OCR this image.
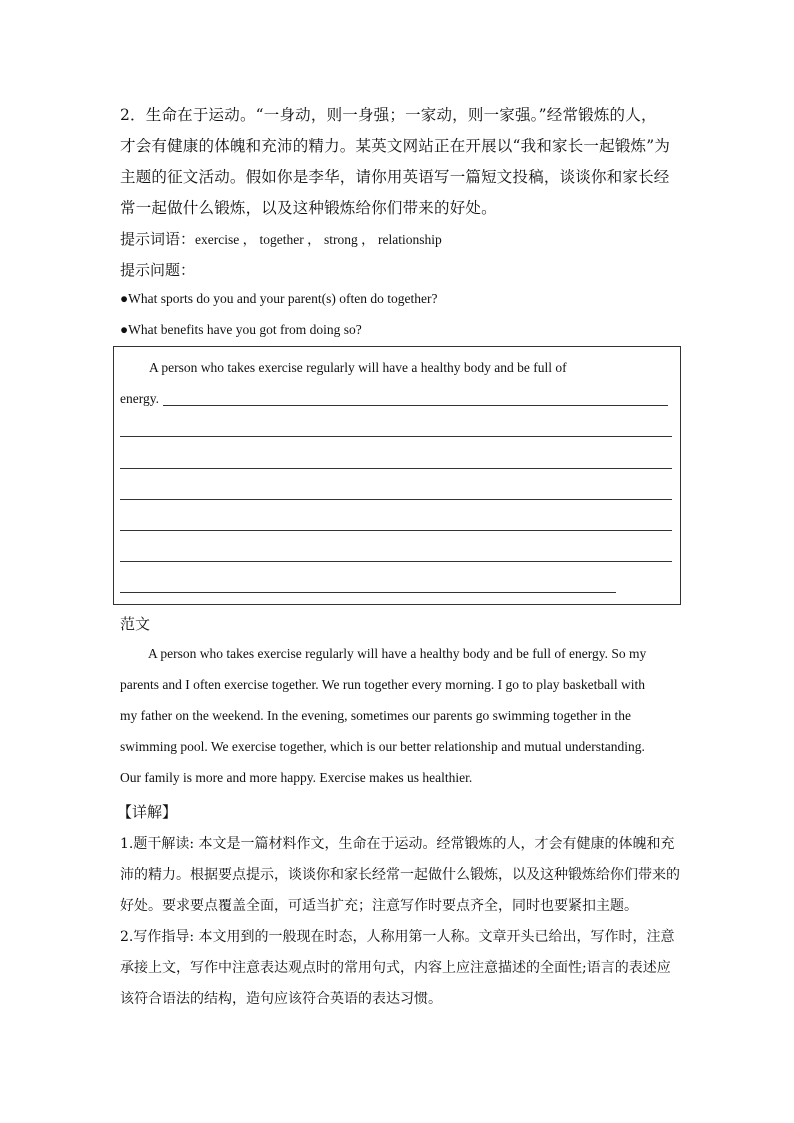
2．生命在于运动。“一身动，则一身强；一家动，则一家强。”经常锻炼的人，
才会有健康的体魄和充沛的精力。某英文网站正在开展以“我和家长一起锻炼”为
主题的征文活动。假如你是李华，请你用英语写一篇短文投稿，谈谈你和家长经
常一起做什么锻炼，以及这种锻炼给你们带来的好处。
提示词语：exercise ， together ， strong ， relationship
提示问题：
●What sports do you and your parent(s) often do together?
●What benefits have you got from doing so?
A person who takes exercise regularly will have a healthy body and be full of
energy.
范文
A person who takes exercise regularly will have a healthy body and be full of energy. So my
parents and I often exercise together. We run together every morning. I go to play basketball with
my father on the weekend. In the evening, sometimes our parents go swimming together in the
swimming pool. We exercise together, which is our better relationship and mutual understanding.
Our family is more and more happy. Exercise makes us healthier.
【详解】
1.题干解读: 本文是一篇材料作文，生命在于运动。经常锻炼的人，才会有健康的体魄和充
沛的精力。根据要点提示，谈谈你和家长经常一起做什么锻炼，以及这种锻炼给你们带来的
好处。要求要点覆盖全面，可适当扩充；注意写作时要点齐全，同时也要紧扣主题。
2.写作指导: 本文用到的一般现在时态，人称用第一人称。文章开头已给出，写作时，注意
承接上文，写作中注意表达观点时的常用句式，内容上应注意描述的全面性;语言的表述应
该符合语法的结构，造句应该符合英语的表达习惯。
